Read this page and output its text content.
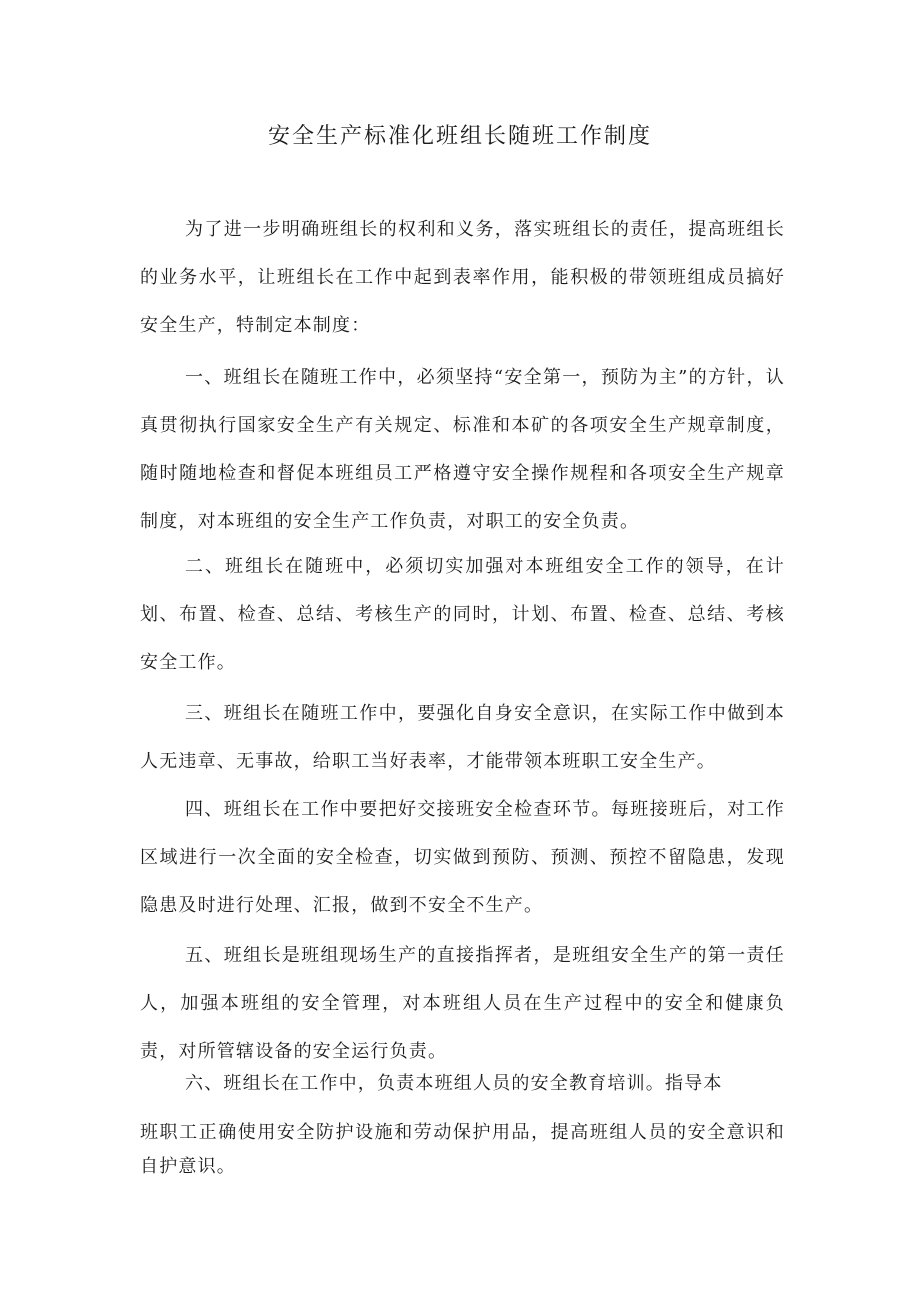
安全生产标准化班组长随班工作制度

为了进一步明确班组长的权利和义务，落实班组长的责任，提高班组长的业务水平，让班组长在工作中起到表率作用，能积极的带领班组成员搞好安全生产，特制定本制度：

一、班组长在随班工作中，必须坚持“安全第一，预防为主”的方针，认真贯彻执行国家安全生产有关规定、标准和本矿的各项安全生产规章制度，随时随地检查和督促本班组员工严格遵守安全操作规程和各项安全生产规章制度，对本班组的安全生产工作负责，对职工的安全负责。

二、班组长在随班中，必须切实加强对本班组安全工作的领导，在计划、布置、检查、总结、考核生产的同时，计划、布置、检查、总结、考核安全工作。

三、班组长在随班工作中，要强化自身安全意识，在实际工作中做到本人无违章、无事故，给职工当好表率，才能带领本班职工安全生产。

四、班组长在工作中要把好交接班安全检查环节。每班接班后，对工作区域进行一次全面的安全检查，切实做到预防、预测、预控不留隐患，发现隐患及时进行处理、汇报，做到不安全不生产。

五、班组长是班组现场生产的直接指挥者，是班组安全生产的第一责任人，加强本班组的安全管理，对本班组人员在生产过程中的安全和健康负责，对所管辖设备的安全运行负责。

六、班组长在工作中，负责本班组人员的安全教育培训。指导本

班职工正确使用安全防护设施和劳动保护用品，提高班组人员的安全意识和自护意识。
